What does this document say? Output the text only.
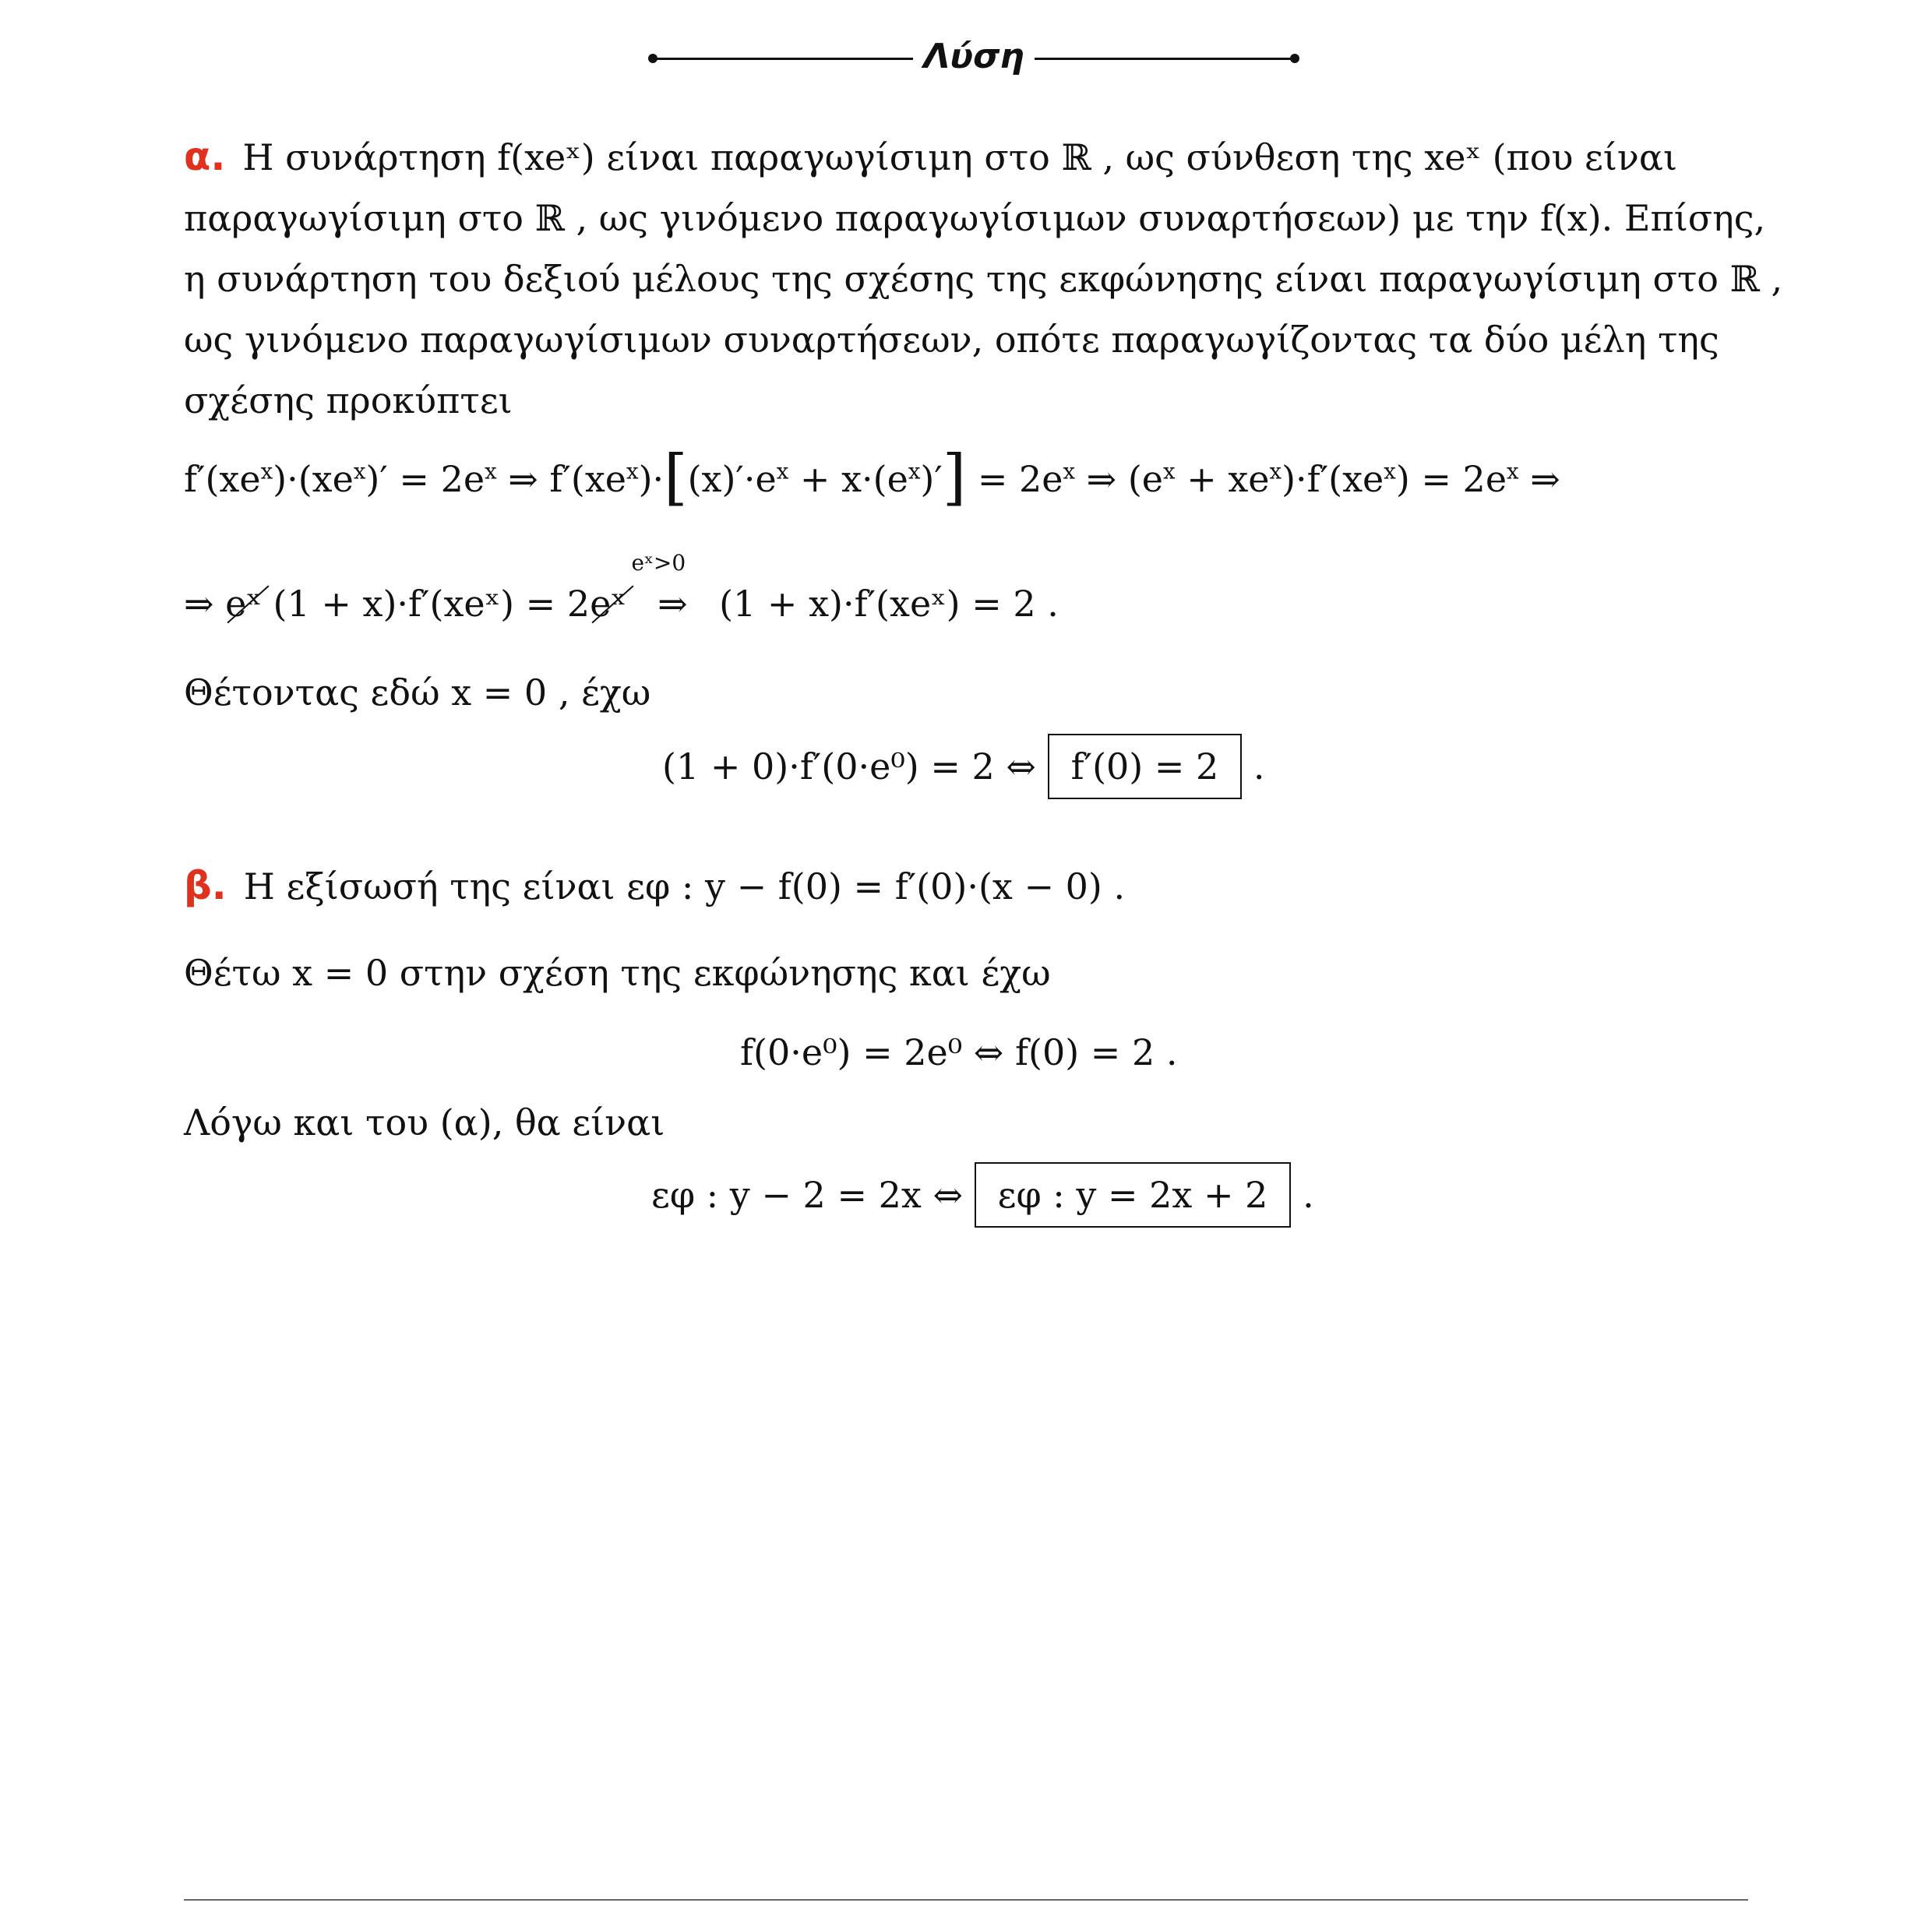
Λύση
α. Η συνάρτηση f(xeˣ) είναι παραγωγίσιμη στο ℝ , ως σύνθεση της xeˣ (που είναι
παραγωγίσιμη στο ℝ , ως γινόμενο παραγωγίσιμων συναρτήσεων) με την f(x). Επίσης,
η συνάρτηση του δεξιού μέλους της σχέσης της εκφώνησης είναι παραγωγίσιμη στο ℝ ,
ως γινόμενο παραγωγίσιμων συναρτήσεων, οπότε παραγωγίζοντας τα δύο μέλη της
σχέσης προκύπτει
$f'(xe^x)\cdot(xe^x)' = 2e^x$ ⇒ $f'(xe^x)\cdot[(x)'\cdot e^x + x\cdot(e^x)'] = 2e^x$ ⇒ $(e^x + xe^x)\cdot f'(xe^x) = 2e^x$ ⇒
⇒ eˣ (1 + x)·f′(xeˣ) = 2eˣ
eˣ>0
⇒ (1 + x)·f′(xeˣ) = 2 .
Θέτοντας εδώ x = 0 , έχω
(1 + 0)·f′(0·e⁰) = 2 ⇔ f′(0) = 2 .
β. Η εξίσωσή της είναι εφ : y − f(0) = f′(0)·(x − 0) .
Θέτω x = 0 στην σχέση της εκφώνησης και έχω
f(0·e⁰) = 2e⁰ ⇔ f(0) = 2 .
Λόγω και του (α), θα είναι
εφ : y − 2 = 2x ⇔ εφ : y = 2x + 2 .
